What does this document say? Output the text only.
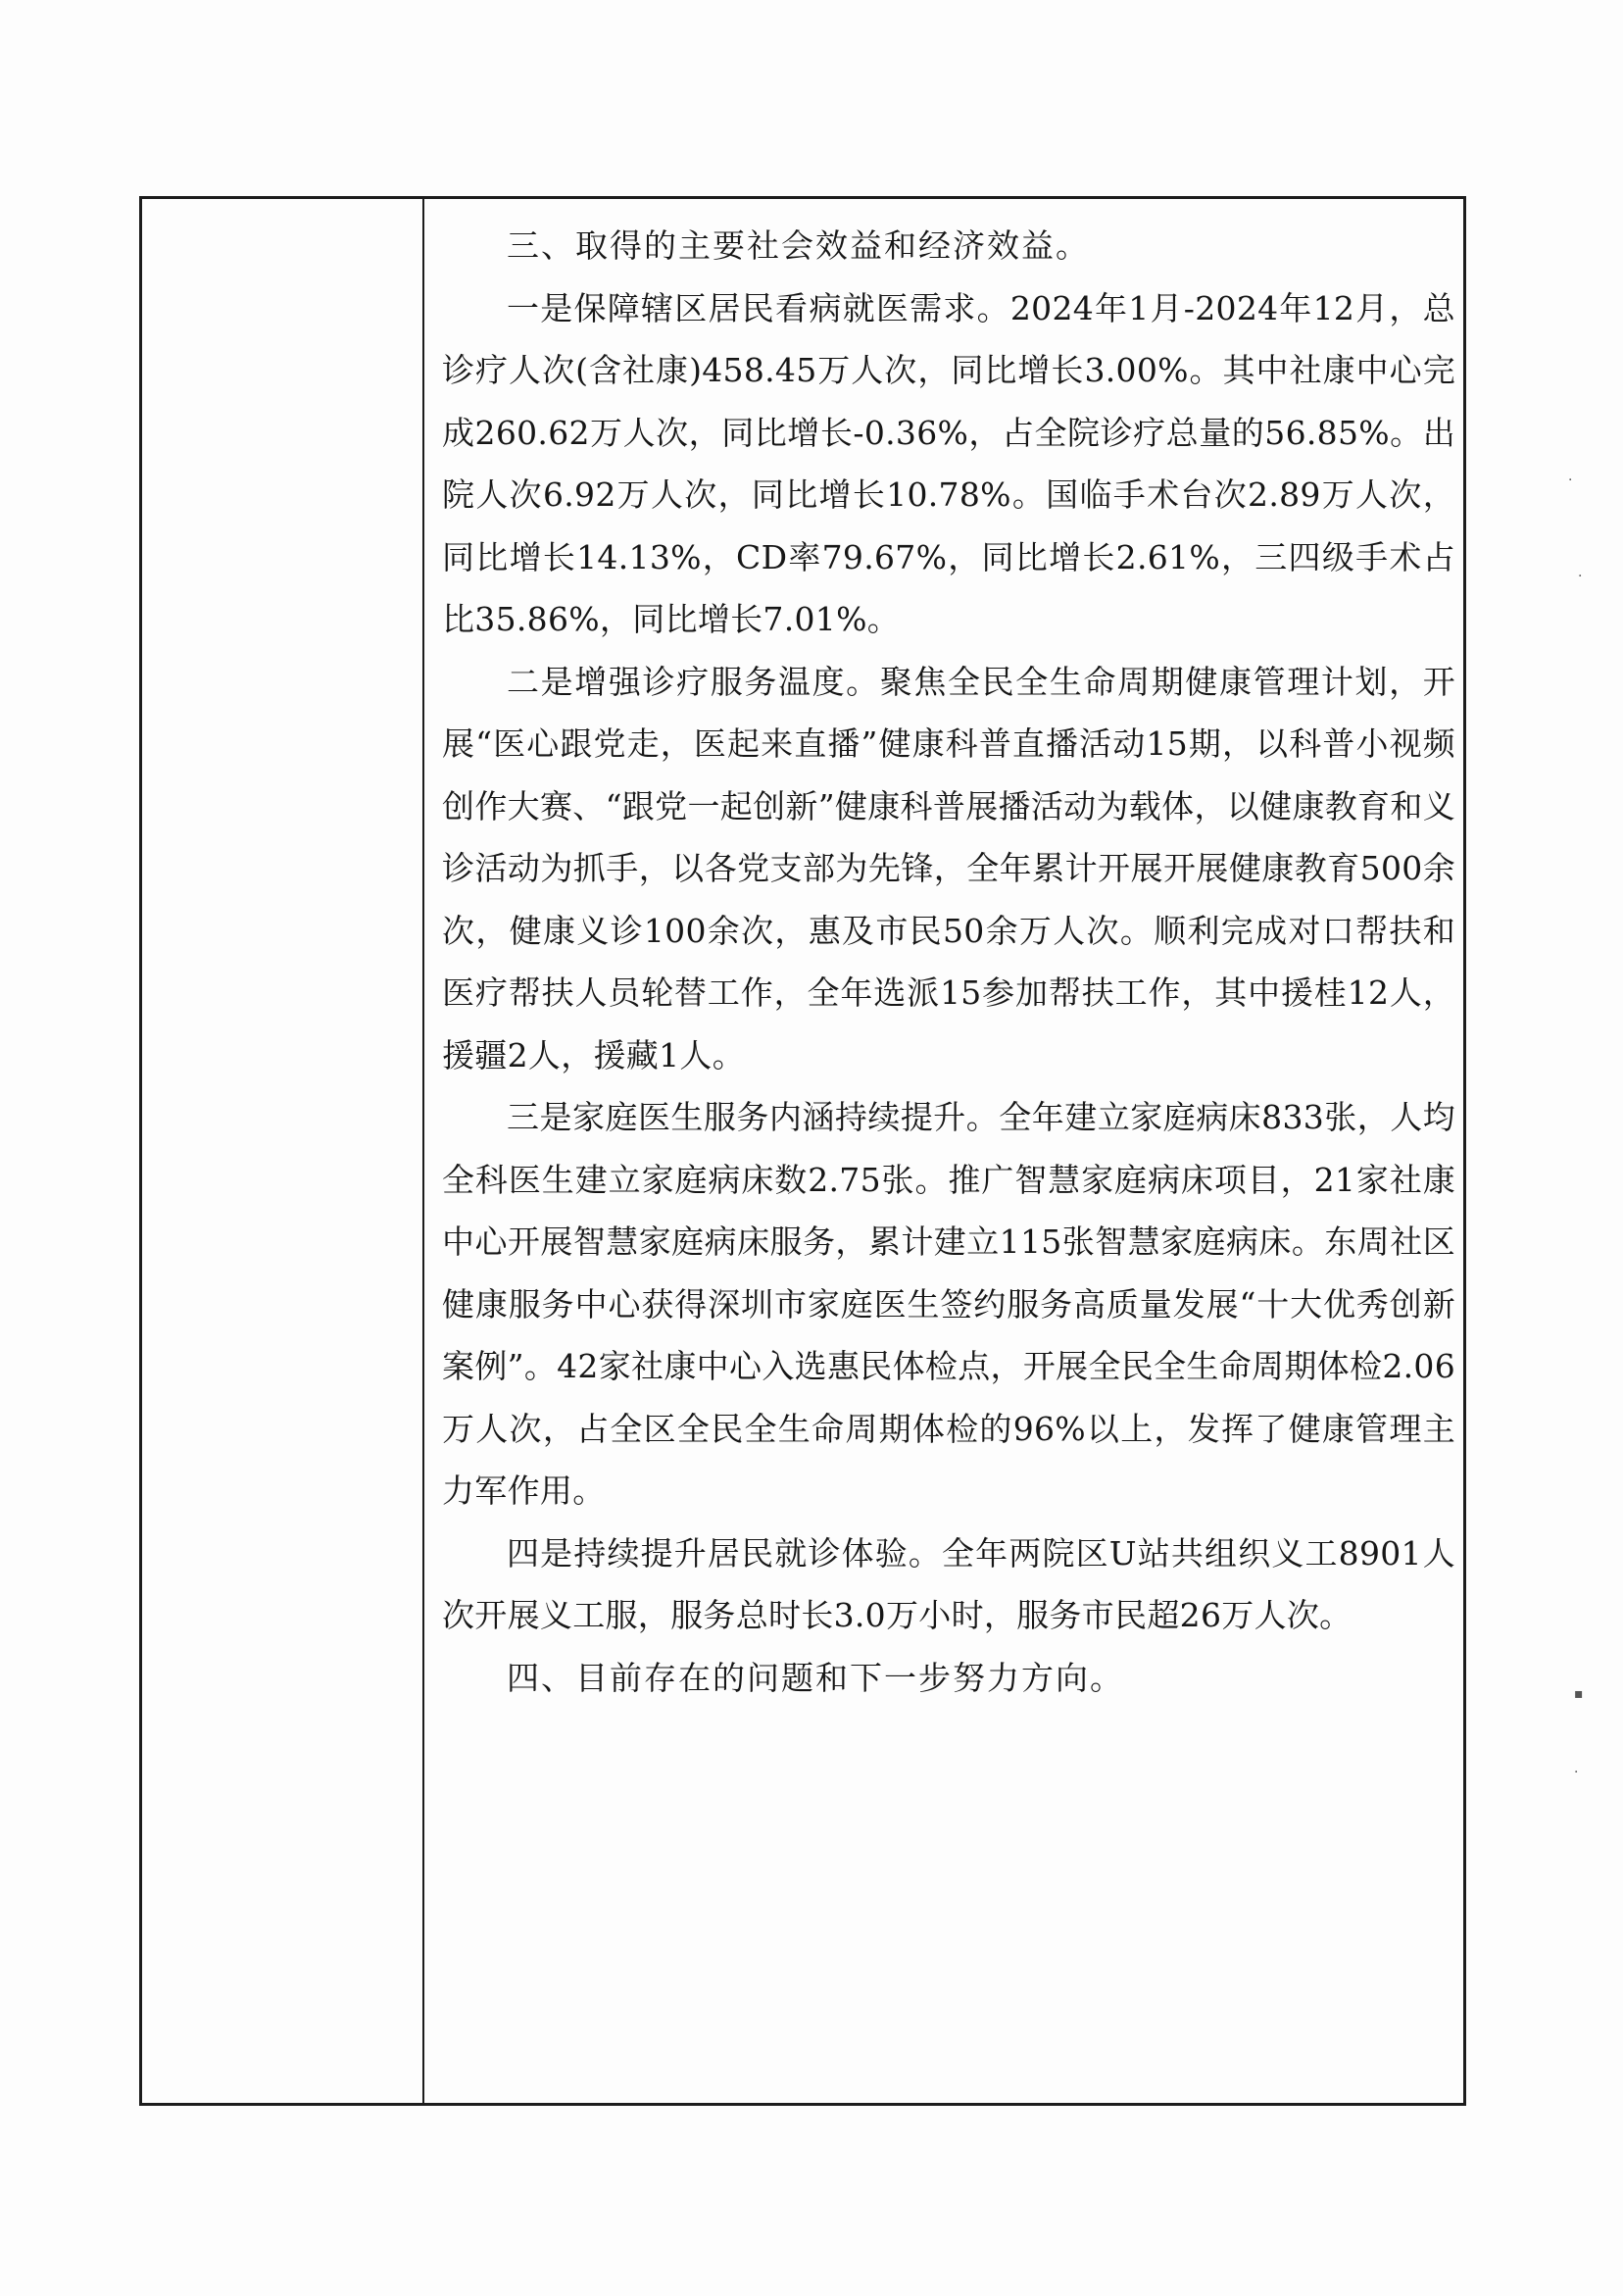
三、取得的主要社会效益和经济效益。

一是保障辖区居民看病就医需求。2024年1月-2024年12月，总诊疗人次(含社康)458.45万人次，同比增长3.00%。其中社康中心完成260.62万人次，同比增长-0.36%，占全院诊疗总量的56.85%。出院人次6.92万人次，同比增长10.78%。国临手术台次2.89万人次，同比增长14.13%，CD率79.67%，同比增长2.61%，三四级手术占比35.86%，同比增长7.01%。

二是增强诊疗服务温度。聚焦全民全生命周期健康管理计划，开展“医心跟党走，医起来直播”健康科普直播活动15期，以科普小视频创作大赛、“跟党一起创新”健康科普展播活动为载体，以健康教育和义诊活动为抓手，以各党支部为先锋，全年累计开展开展健康教育500余次，健康义诊100余次，惠及市民50余万人次。顺利完成对口帮扶和医疗帮扶人员轮替工作，全年选派15参加帮扶工作，其中援桂12人，援疆2人，援藏1人。

三是家庭医生服务内涵持续提升。全年建立家庭病床833张，人均全科医生建立家庭病床数2.75张。推广智慧家庭病床项目，21家社康中心开展智慧家庭病床服务，累计建立115张智慧家庭病床。东周社区健康服务中心获得深圳市家庭医生签约服务高质量发展“十大优秀创新案例”。42家社康中心入选惠民体检点，开展全民全生命周期体检2.06万人次，占全区全民全生命周期体检的96%以上，发挥了健康管理主力军作用。

四是持续提升居民就诊体验。全年两院区U站共组织义工8901人次开展义工服，服务总时长3.0万小时，服务市民超26万人次。

四、目前存在的问题和下一步努力方向。

·
·
▪
·
